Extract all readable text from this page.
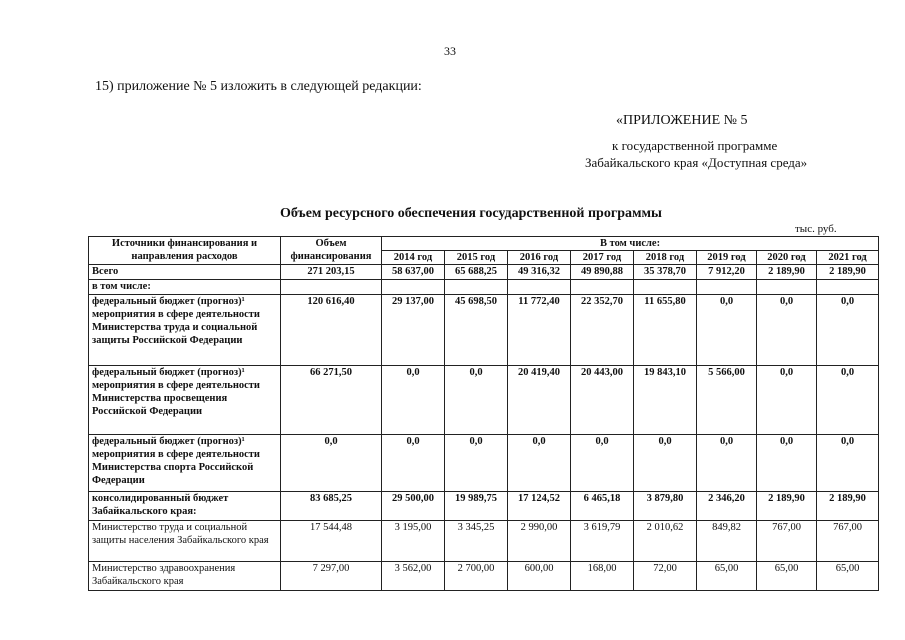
33
15) приложение № 5 изложить в следующей редакции:
«ПРИЛОЖЕНИЕ № 5
к государственной программе
Забайкальского края «Доступная среда»
Объем ресурсного обеспечения государственной программы
тыс. руб.
Источники финансирования и направления расходов	Объем финансирования	В том числе:							
		2014 год	2015 год	2016 год	2017 год	2018 год	2019 год	2020 год	2021 год
Всего	271 203,15	58 637,00	65 688,25	49 316,32	49 890,88	35 378,70	7 912,20	2 189,90	2 189,90
в том числе:									
федеральный бюджет (прогноз)¹ мероприятия в сфере деятельности Министерства труда и социальной защиты Российской Федерации	120 616,40	29 137,00	45 698,50	11 772,40	22 352,70	11 655,80	0,0	0,0	0,0
федеральный бюджет (прогноз)¹ мероприятия в сфере деятельности Министерства просвещения Российской Федерации	66 271,50	0,0	0,0	20 419,40	20 443,00	19 843,10	5 566,00	0,0	0,0
федеральный бюджет (прогноз)¹ мероприятия в сфере деятельности Министерства спорта Российской Федерации	0,0	0,0	0,0	0,0	0,0	0,0	0,0	0,0	0,0
консолидированный бюджет Забайкальского края:	83 685,25	29 500,00	19 989,75	17 124,52	6 465,18	3 879,80	2 346,20	2 189,90	2 189,90
Министерство труда и социальной защиты населения Забайкальского края	17 544,48	3 195,00	3 345,25	2 990,00	3 619,79	2 010,62	849,82	767,00	767,00
Министерство здравоохранения Забайкальского края	7 297,00	3 562,00	2 700,00	600,00	168,00	72,00	65,00	65,00	65,00
